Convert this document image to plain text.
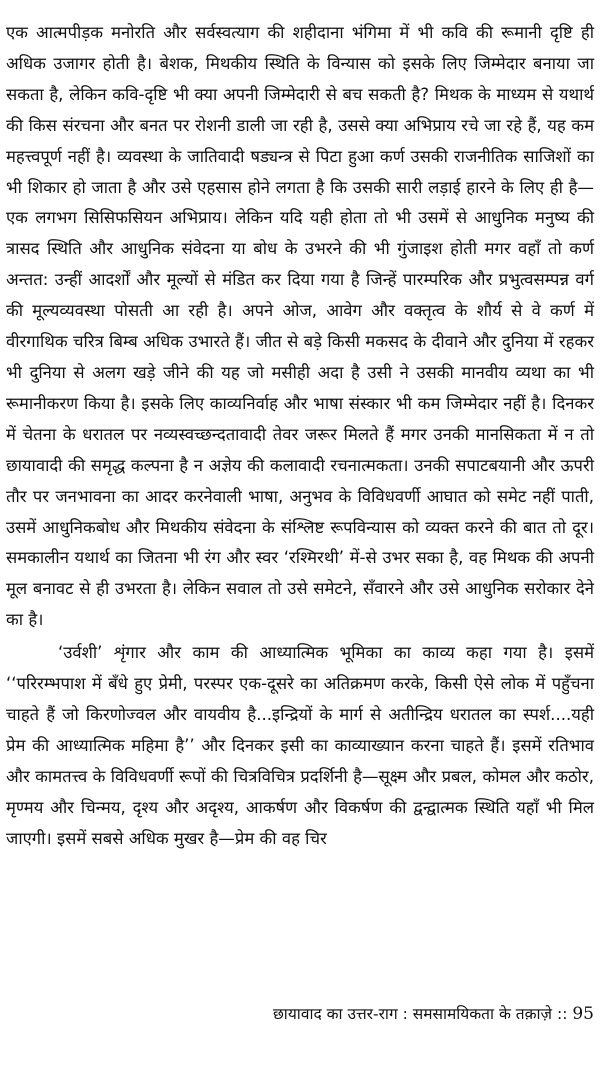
एक आत्मपीड़क मनोरति और सर्वस्वत्याग की शहीदाना भंगिमा में भी कवि की रूमानी दृष्टि ही अधिक उजागर होती है। बेशक, मिथकीय स्थिति के विन्यास को इसके लिए जिम्मेदार बनाया जा सकता है, लेकिन कवि-दृष्टि भी क्या अपनी जिम्मेदारी से बच सकती है? मिथक के माध्यम से यथार्थ की किस संरचना और बनत पर रोशनी डाली जा रही है, उससे क्या अभिप्राय रचे जा रहे हैं, यह कम महत्त्वपूर्ण नहीं है। व्यवस्था के जातिवादी षड्यन्त्र से पिटा हुआ कर्ण उसकी राजनीतिक साजिशों का भी शिकार हो जाता है और उसे एहसास होने लगता है कि उसकी सारी लड़ाई हारने के लिए ही है—एक लगभग सिसिफसियन अभिप्राय। लेकिन यदि यही होता तो भी उसमें से आधुनिक मनुष्य की त्रासद स्थिति और आधुनिक संवेदना या बोध के उभरने की भी गुंजाइश होती मगर वहाँ तो कर्ण अन्तत: उन्हीं आदर्शों और मूल्यों से मंडित कर दिया गया है जिन्हें पारम्परिक और प्रभुत्वसम्पन्न वर्ग की मूल्यव्यवस्था पोसती आ रही है। अपने ओज, आवेग और वक्तृत्व के शौर्य से वे कर्ण में वीरगाथिक चरित्र बिम्ब अधिक उभारते हैं। जीत से बड़े किसी मकसद के दीवाने और दुनिया में रहकर भी दुनिया से अलग खड़े जीने की यह जो मसीही अदा है उसी ने उसकी मानवीय व्यथा का भी रूमानीकरण किया है। इसके लिए काव्यनिर्वाह और भाषा संस्कार भी कम जिम्मेदार नहीं है। दिनकर में चेतना के धरातल पर नव्यस्वच्छन्दतावादी तेवर जरूर मिलते हैं मगर उनकी मानसिकता में न तो छायावादी की समृद्ध कल्पना है न अज्ञेय की कलावादी रचनात्मकता। उनकी सपाटबयानी और ऊपरी तौर पर जनभावना का आदर करनेवाली भाषा, अनुभव के विविधवर्णी आघात को समेट नहीं पाती, उसमें आधुनिकबोध और मिथकीय संवेदना के संश्लिष्ट रूपविन्यास को व्यक्त करने की बात तो दूर। समकालीन यथार्थ का जितना भी रंग और स्वर ‘रश्मिरथी’ में-से उभर सका है, वह मिथक की अपनी मूल बनावट से ही उभरता है। लेकिन सवाल तो उसे समेटने, सँवारने और उसे आधुनिक सरोकार देने का है।

‘उर्वशी’ शृंगार और काम की आध्यात्मिक भूमिका का काव्य कहा गया है। इसमें ‘‘परिरम्भपाश में बँधे हुए प्रेमी, परस्पर एक-दूसरे का अतिक्रमण करके, किसी ऐसे लोक में पहुँचना चाहते हैं जो किरणोज्वल और वायवीय है...इन्द्रियों के मार्ग से अतीन्द्रिय धरातल का स्पर्श....यही प्रेम की आध्यात्मिक महिमा है’’ और दिनकर इसी का काव्याख्यान करना चाहते हैं। इसमें रतिभाव और कामतत्त्व के विविधवर्णी रूपों की चित्रविचित्र प्रदर्शिनी है—सूक्ष्म और प्रबल, कोमल और कठोर, मृण्मय और चिन्मय, दृश्य और अदृश्य, आकर्षण और विकर्षण की द्वन्द्वात्मक स्थिति यहाँ भी मिल जाएगी। इसमें सबसे अधिक मुखर है—प्रेम की वह चिर

छायावाद का उत्तर-राग : समसामयिकता के तक़ाज़े :: 95
